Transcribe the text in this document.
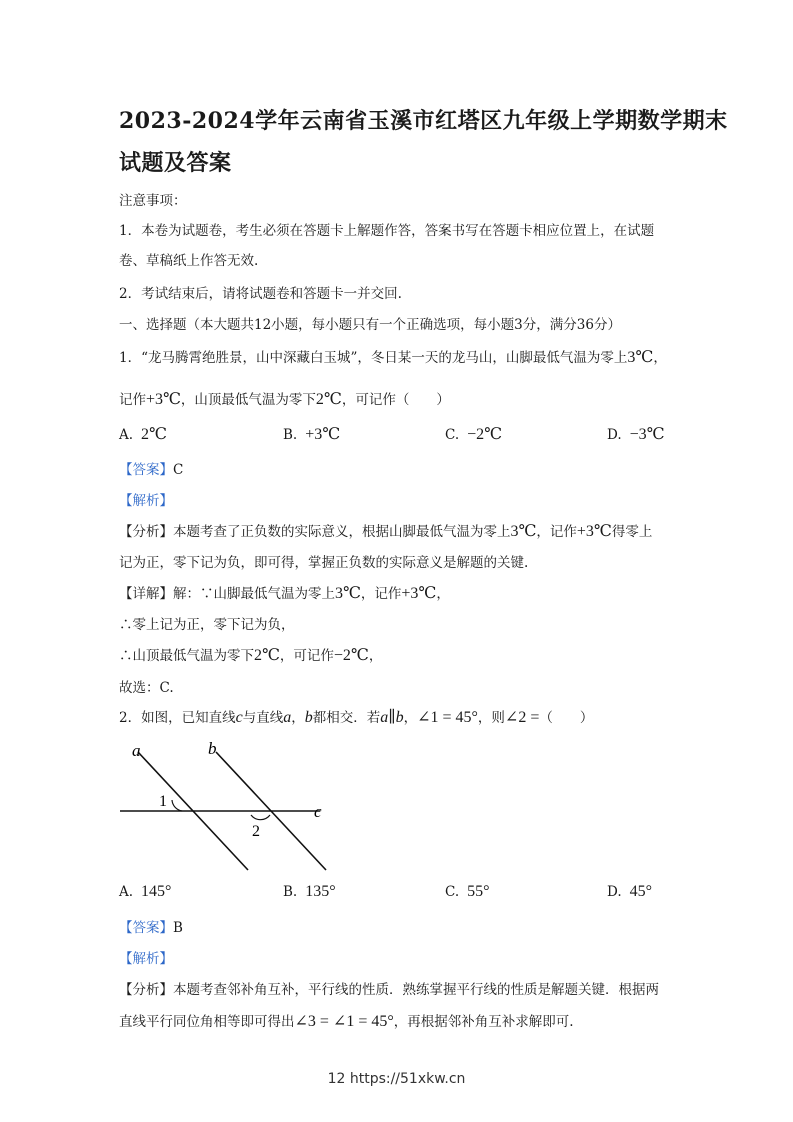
2023-2024学年云南省玉溪市红塔区九年级上学期数学期末
试题及答案
注意事项：
1．本卷为试题卷，考生必须在答题卡上解题作答，答案书写在答题卡相应位置上，在试题
卷、草稿纸上作答无效.
2．考试结束后，请将试题卷和答题卡一并交回.
一、选择题（本大题共12小题，每小题只有一个正确选项，每小题3分，满分36分）
1．“龙马腾霄绝胜景，山中深藏白玉城”，冬日某一天的龙马山，山脚最低气温为零上3℃，
记作+3℃，山顶最低气温为零下2℃，可记作（　　）
A. 2℃	B. +3℃	C. −2℃	D. −3℃
【答案】C
【解析】
【分析】本题考查了正负数的实际意义，根据山脚最低气温为零上3℃，记作+3℃得零上
记为正，零下记为负，即可得，掌握正负数的实际意义是解题的关键.
【详解】解：∵山脚最低气温为零上3℃，记作+3℃，
∴零上记为正，零下记为负，
∴山顶最低气温为零下2℃，可记作−2℃，
故选：C.
2．如图，已知直线c与直线a，b都相交．若a∥b，∠1 = 45°，则∠2 =（　　）
a	b
c
1
2
A. 145°	B. 135°	C. 55°	D. 45°
【答案】B
【解析】
【分析】本题考查邻补角互补，平行线的性质．熟练掌握平行线的性质是解题关键．根据两
直线平行同位角相等即可得出∠3 = ∠1 = 45°，再根据邻补角互补求解即可.
12 https://51xkw.cn
